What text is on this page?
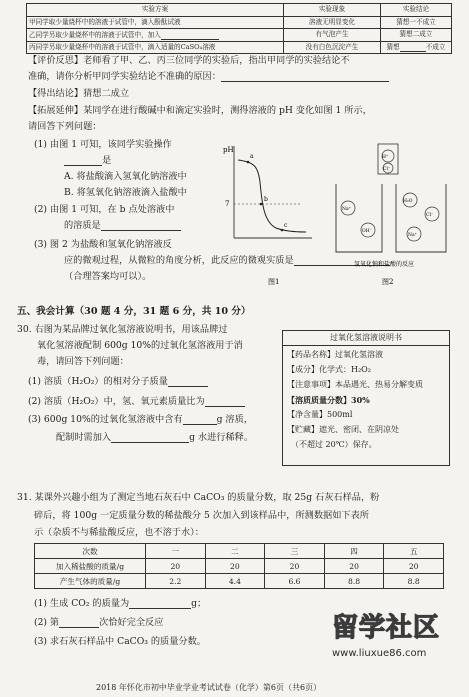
实验方案	实验现象	实验结论
甲同学取少量烧杯中的溶液于试管中，滴入酚酞试液	溶液无明显变化	猜想一不成立
乙同学另取少量烧杯中的溶液于试管中，加入	有气泡产生	猜想二成立
丙同学另取少量烧杯中的溶液于试管中，滴入适量的CaSO₄溶液	没有白色沉淀产生	猜想 不成立
【评价反思】老师看了甲、乙、丙三位同学的实验后，指出甲同学的实验结论不
准确，请你分析甲同学实验结论不准确的原因：
【得出结论】猜想二成立
【拓展延伸】某同学在进行酸碱中和滴定实验时，测得溶液的 pH 变化如图 1 所示，
请回答下列问题：
(1) 由图 1 可知，该同学实验操作
是
A. 将盐酸滴入氢氧化钠溶液中
B. 将氢氧化钠溶液滴入盐酸中
(2) 由图 1 可知，在 b 点处溶液中
的溶质是
(3) 图 2 为盐酸和氢氧化钠溶液反
应的微观过程，从微粒的角度分析，此反应的微观实质是
（合理答案均可以）。
pH
7
a
b
c
图1
H⁺
Cl⁻
Na⁺
OH⁻
H₂O
Cl⁻
Na⁺
氢氧化钠和盐酸的反应
图2
五、我会计算（30 题 4 分，31 题 6 分，共 10 分）
30. 右图为某品牌过氧化氢溶液说明书，用该品牌过
氧化氢溶液配制 600g 10%的过氧化氢溶液用于消
毒，请回答下列问题：
(1) 溶质（H₂O₂）的相对分子质量
(2) 溶质（H₂O₂）中，氢、氧元素质量比为
(3) 600g 10%的过氧化氢溶液中含有	g 溶质，
配制时需加入	g 水进行稀释。
过氧化氢溶液说明书
【药品名称】过氧化氢溶液
【成分】化学式：H₂O₂
【注意事项】本品遇光、热易分解变质
【溶质质量分数】30%
【净含量】500ml
【贮藏】遮光、密闭、在阴凉处
（不超过 20℃）保存。
31. 某课外兴趣小组为了测定当地石灰石中 CaCO₃ 的质量分数，取 25g 石灰石样品，粉
碎后，将 100g 一定质量分数的稀盐酸分 5 次加入到该样品中，所测数据如下表所
示（杂质不与稀盐酸反应，也不溶于水）：
次数	一	二	三	四	五
加入稀盐酸的质量/g	20	20	20	20	20
产生气体的质量/g	2.2	4.4	6.6	8.8	8.8
(1) 生成 CO₂ 的质量为	g；
(2) 第	次恰好完全反应
(3) 求石灰石样品中 CaCO₃ 的质量分数。
2018 年怀化市初中毕业学业考试试卷（化学）第6页（共6页）
留学社区
www.liuxue86.com
